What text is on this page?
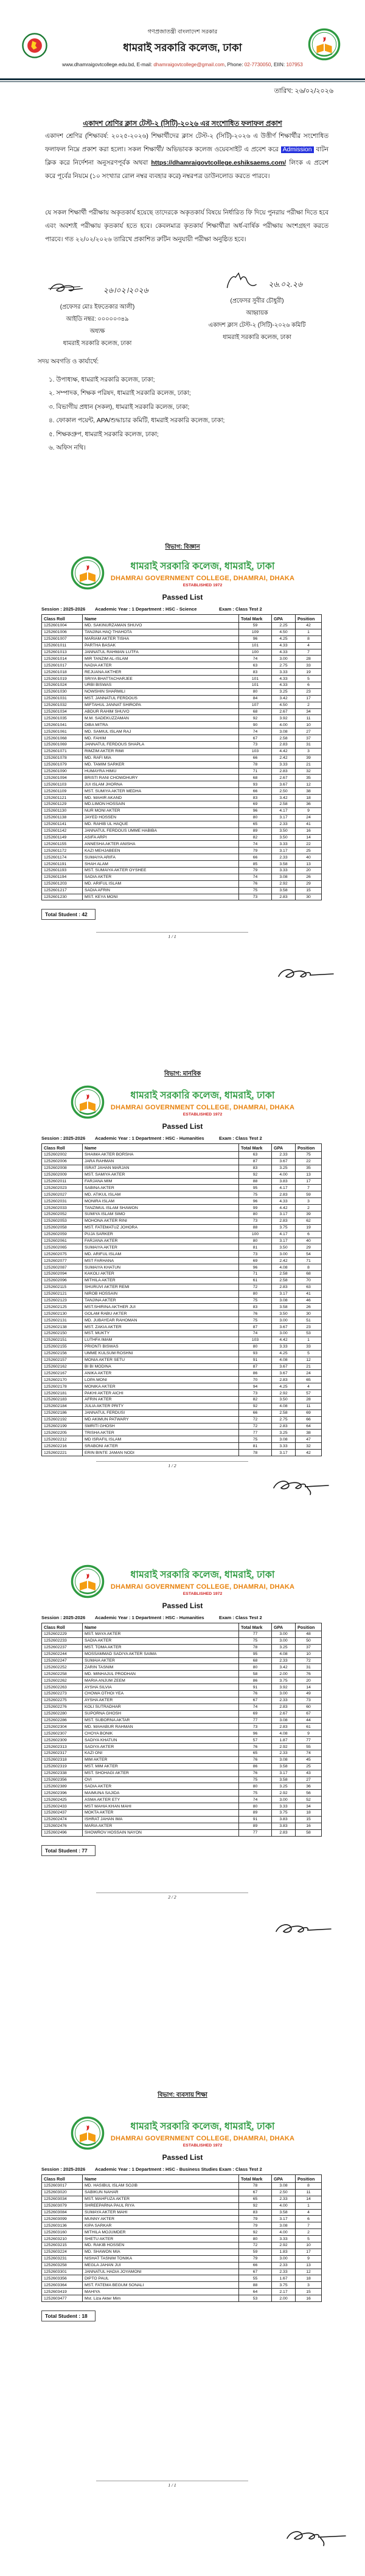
গণপ্রজাতন্ত্রী বাংলাদেশ সরকার
ধামরাই সরকারি কলেজ, ঢাকা
www.dhamraigovtcollege.edu.bd, E-mail: dhamraigovtcollege@gmail.com, Phone: 02-7730050, EIIN: 107953
তারিখ: ২৬/০২/২০২৬
একাদশ শ্রেণির ক্লাস টেস্ট-২ (সিটি)-২০২৬ এর সংশোধিত ফলাফল প্রকাশ
একাদশ শ্রেণির (শিক্ষাবর্ষ: ২০২৫-২০২৬) শিক্ষার্থীদের ক্লাস টেস্ট-২ (সিটি)-২০২৬ এ উত্তীর্ণ শিক্ষার্থীর সংশোধিত ফলাফল নিম্নে প্রকাশ করা হলো। সকল শিক্ষার্থী/ অভিভাবক কলেজ ওয়েবসাইট এ প্রবেশ করে Admission বাটন ক্লিক করে নির্দেশনা অনুসরণপূর্বক অথবা https://dhamraigovtcollege.eshiksaems.com/ লিংক এ প্রবেশ করে পূর্বের নিয়মে (১০ সংখ্যার রোল নম্বর ব্যবহার করে) নম্বরপত্র ডাউনলোড করতে পারবে।
যে সকল শিক্ষার্থী পরীক্ষায় অকৃতকার্য হয়েছে তাদেরকে অকৃতকার্য বিষয়ে নির্ধারিত ফি দিয়ে পুনরায় পরীক্ষা দিতে হবে এবং অবশ্যই পরীক্ষায় কৃতকার্য হতে হবে। কেবলমাত্র কৃতকার্য শিক্ষার্থীরা অর্ধ-বার্ষিক পরীক্ষায় অংশগ্রহণ করতে পারবে। গত ২২/০২/২০২৬ তারিখে প্রকাশিত রুটিন অনুযায়ী পরীক্ষা অনুষ্ঠিত হবে।
২৬।০২।২০২৬
(প্রফেসর মোঃ ইফতেকার আলী)
আইডি নম্বর: ০০০০০৩৪৯
অধ্যক্ষ
ধামরাই সরকারি কলেজ, ঢাকা
২৬.০২.২৬
(প্রফেসর সুবীর চৌধুরী)
আহ্বায়ক
একাদশ ক্লাস টেস্ট-২ (সিটি)-২০২৬ কমিটি
ধামরাই সরকারি কলেজ, ঢাকা
সদয় অবগতি ও কার্যার্থে:
১. উপাধ্যক্ষ, ধামরাই সরকারি কলেজ, ঢাকা;
২. সম্পাদক, শিক্ষক পরিষদ, ধামরাই সরকারি কলেজ, ঢাকা;
৩. বিভাগীয় প্রধান (সকল), ধামরাই সরকারি কলেজ, ঢাকা;
৪. ফোকাল পয়েন্ট, APA/শুদ্ধাচার কমিটি, ধামরাই সরকারি কলেজ, ঢাকা;
৫. শিক্ষকগ্রুপ, ধামরাই সরকারি কলেজ, ঢাকা;
৬. অফিস নথি।
বিভাগ: বিজ্ঞান
বিভাগ: মানবিক
বিভাগ: ব্যবসায় শিক্ষা
ধামরাই সরকারি কলেজ, ধামরাই, ঢাকা
DHAMRAI GOVERNMENT COLLEGE, DHAMRAI, DHAKA
ESTABLISHED 1972
Passed List
Session : 2025-2026 Academic Year : 1 Department : HSC - Science	Exam : Class Test 2
Class Roll	Name	Total Mark	GPA	Position
1252601004	MD. SAKINURZAMAN SHUVO	59	2.25	42
1252601006	TANJINA HAQ THAHOTA	109	4.50	1
1252601007	MARIAM AKTER TISHA	96	4.25	8
1252601011	PARTHA BASAK	101	4.33	4
1252601013	JANNATUL RAHMAN LUTFA	100	4.33	7
1252601014	MIR TANZIM AL-ISLAM	74	3.00	28
1252601017	NADIA AKTER	63	2.75	33
1252601018	REJUANA AKTHER	83	3.33	19
1252601019	SRIYA BHATTACHARJEE	101	4.33	5
1252601024	URBI BISWAS	101	4.33	6
1252601030	NOWSHIN SHARMILI	80	3.25	23
1252601031	MST. JANNATUL FERDOUS	84	3.42	17
1252601032	MIFTAHUL JANNAT SHIROPA	107	4.50	2
1252601034	ABDUR RAHIM SHUVO	68	2.67	34
1252601035	M.M. SADEKUZZAMAN	92	3.92	11
1252601041	DIBA MITRA	90	4.00	10
1252601061	MD. SAMIUL ISLAM RAJ	74	3.08	27
1252601068	MD. FAHIM	67	2.58	37
1252601069	JANNATUL FERDOUS SHAPLA	73	2.83	31
1252601071	RIMZIM AKTER RIMI	103	4.42	3
1252601078	MD. RAFI MIA	66	2.42	39
1252601079	MD. TAMIM SARKER	78	3.33	21
1252601090	HUMAYRA HIMU	71	2.83	32
1252601094	BRISTI RANI CHOWDHURY	68	2.67	35
1252601103	JUI ISLAM JHORNA	93	3.67	12
1252601109	MST. SUMIYA AKTER MEDHA	66	2.50	38
1252601121	MD. MAHIR AKAND	83	3.42	18
1252601129	MD.LIMON HOSSAIN	69	2.58	36
1252601130	NUR MONI AKTER	96	4.17	9
1252601138	JAYED HOSSEN	80	3.17	24
1252601141	MD. RAHIB UL HAQUE	65	2.33	41
1252601142	JANNATUL FERDOUS UMME HABIBA	89	3.50	16
1252601149	ASIFA ARPI	82	3.50	14
1252601155	ANNESHA AKTER ANISHA	74	3.33	22
1252601172	KAZI MEHJABEEN	79	3.17	25
1252601174	SUMAIYA ARIFA	66	2.33	40
1252601191	SHAH ALAM	85	3.58	13
1252601193	MST. SUMAIYA AKTER OYSHEE	79	3.33	20
1252601194	SADIA AKTER	74	3.08	26
1252601203	MD. ARIFUL ISLAM	76	2.92	29
1252601217	SADIA AFRIN	75	3.58	15
1252601230	MST. KEYA MONI	73	2.83	30
Total Student : 42
1 / 1
ধামরাই সরকারি কলেজ, ধামরাই, ঢাকা
DHAMRAI GOVERNMENT COLLEGE, DHAMRAI, DHAKA
ESTABLISHED 1972
Passed List
Session : 2025-2026 Academic Year : 1 Department : HSC - Humanities	Exam : Class Test 2
Class Roll	Name	Total Mark	GPA	Position
1252602002	SHAIMA AKTER BORSHA	63	2.33	75
1252602006	JARA RAHMAN	87	3.67	22
1252602008	ISRAT JAHAN MARJAN	83	3.25	35
1252602009	MST. SAMIYA AKTER	92	4.00	13
1252602011	FARJANA MIM	88	3.83	17
1252602023	SABINA AKTER	95	4.17	7
1252602027	MD. ATIKUL ISLAM	75	2.83	59
1252602031	MONIRA ISLAM	96	4.33	3
1252602033	TANZIMUL ISLAM SHAWON	99	4.42	2
1252602052	SUMIYA ISLAM SIMO	80	3.17	39
1252602053	MOHONA AKTER RINI	73	2.83	62
1252602058	MST. FATEMATUZ JOHORA	88	3.75	19
1252602059	PUJA SARKER	100	4.17	6
1252602061	FARJANA AKTER	80	3.17	40
1252602065	SUMAIYA AKTER	81	3.50	29
1252602075	MD. ARIFUL ISLAM	73	3.00	54
1252602077	MST FARHANA	69	2.42	71
1252602087	SUMAIYA KHATUN	96	4.08	8
1252602094	KAKOLI AKTER	71	2.58	68
1252602096	MITHILA AKTER	61	2.58	70
1252602115	SHURUVI AKTER REMI	72	2.83	63
1252602121	NIROB HOSSAIN	80	3.17	41
1252602123	TANJINA AKTER	75	3.08	46
1252602125	MST.SHIRINA AKTHER JUI	83	3.58	26
1252602130	GOLAM RABU AKTER	76	3.50	30
1252602131	MD. JUBAYEAR RAHOMAN	75	3.00	51
1252602138	MST. ZAKIA AKTER	87	3.67	23
1252602150	MST. MUKTY	74	3.00	53
1252602151	LUTHFA IMAM	103	4.42	1
1252602155	PRIONTI BISWAS	80	3.33	33
1252602156	UMME KULSUM ROSHNI	93	4.25	5
1252602157	MONIA AKTER SETU	91	4.08	12
1252602162	BI BI MODINA	87	3.67	21
1252602167	ANIKA AKTER	86	3.67	24
1252602170	LOPA MONI	70	2.83	65
1252602178	MONIKA AKTER	94	4.25	4
1252602181	PAKHI AKTER AICHI	73	2.92	57
1252602183	AFRIN AKTER	82	3.50	28
1252602184	JULIA AKTER PRITY	92	4.08	11
1252602186	JANNATUL FERDUSI	66	2.58	69
1252602192	MD AKIMUN PATWARY	72	2.75	66
1252602199	SMRITI GHOSH	72	2.83	64
1252602205	TRISHA AKTER	77	3.25	38
1252602212	MD ISRAFIL ISLAM	75	3.08	47
1252602216	SRABONI AKTER	81	3.33	32
1252602221	ERIN BINTE JAMAN NODI	78	3.17	42
1 / 2
ধামরাই সরকারি কলেজ, ধামরাই, ঢাকা
DHAMRAI GOVERNMENT COLLEGE, DHAMRAI, DHAKA
ESTABLISHED 1972
Passed List
Session : 2025-2026 Academic Year : 1 Department : HSC - Humanities	Exam : Class Test 2
Class Roll	Name	Total Mark	GPA	Position
1252602229	MST. MAYA AKTER	77	3.00	48
1252602233	SADIA AKTER	75	3.00	50
1252602237	MST. TOMA AKTER	78	3.25	37
1252602244	MOSSAMMAD SADIYA AKTER SAIMA	95	4.08	10
1252602247	SUMAIA AKTER	68	2.33	72
1252602252	ZARIN TASNIM	80	3.42	31
1252602258	MD. MINHAJUL PRODHAN	58	2.00	76
1252602262	MARIA ANJUM ZEEM	86	3.75	20
1252602263	AYSHA SILVIA	91	3.92	14
1252602273	CHOWA OTHOI YEA	76	3.00	49
1252602275	AYSHA AKTER	67	2.33	73
1252602276	KOLI SUTRADHAR	74	2.83	60
1252602280	SUPORNA GHOSH	69	2.67	67
1252602286	MST. SUBORNA AKTAR	77	3.08	44
1252602304	MD. MAHABUR RAHMAN	73	2.83	61
1252602307	CHOYA BONIK	96	4.08	9
1252602309	SADIYA KHATUN	57	1.87	77
1252602313	SADIYA AKTER	76	2.92	55
1252602317	KAZI ONI	65	2.33	74
1252602318	MIM AKTER	76	3.08	45
1252602319	MST. MIM AKTER	86	3.58	25
1252602338	MST. SHOHAGI AKTER	76	3.17	43
1252602356	OVI	75	3.58	27
1252602389	SADIA AKTER	80	3.25	36
1252602396	MAIMUNA SAJIDA	75	2.92	56
1252602425	ASMA AKTER ETY	74	3.00	52
1252602433	MST MAHIA KHAN MAHI	80	3.33	34
1252602437	MOKTA AKTER	89	3.75	18
1252602474	ISHRAT JAHAN IMA	91	3.83	15
1252602476	MARIA AKTER	89	3.83	16
1252602496	SHOWROV HOSSAIN NAYON	77	2.83	58
Total Student : 77
2 / 2
ধামরাই সরকারি কলেজ, ধামরাই, ঢাকা
DHAMRAI GOVERNMENT COLLEGE, DHAMRAI, DHAKA
ESTABLISHED 1972
Passed List
Session : 2025-2026 Academic Year : 1 Department : HSC - Business Studies Exam : Class Test 2
Class Roll	Name	Total Mark	GPA	Position
1252603017	MD. HASIBUL ISLAM SOJIB	78	3.08	8
1252603020	SABIKUN NAHAR	67	2.50	11
1252603034	MST. MAHFUZA AKTER	65	2.33	14
1252603079	SHREEPARNA PAUL RIYA	92	4.00	1
1252603084	SUMAYA AKTER MAHI	83	3.58	4
1252603099	MUNNY AKTER	79	3.17	6
1252603136	KIPA SARKAR	79	3.08	7
1252603160	MITHILA MOJUMDER	92	4.00	2
1252603210	SHETU AKTER	80	3.33	5
1252603215	MD. RAKIB HOSSEN	72	2.92	10
1252603224	MD. SHAWON MIA	59	1.83	17
1252603231	NISHAT TASNIM TONIKA	79	3.00	9
1252603258	MEGLA JAHAN JUI	66	2.33	13
1252603301	JANNATUL HADIA JOYAMONI	67	2.33	12
1252603356	DIPTO PAUL	55	1.67	18
1252603364	MST. FATEMA BEGUM SONALI	88	3.75	3
1252603419	MAHIYA	64	2.17	15
1252603477	Mst. Liza Akter Mim	53	2.00	16
Total Student : 18
1 / 1
